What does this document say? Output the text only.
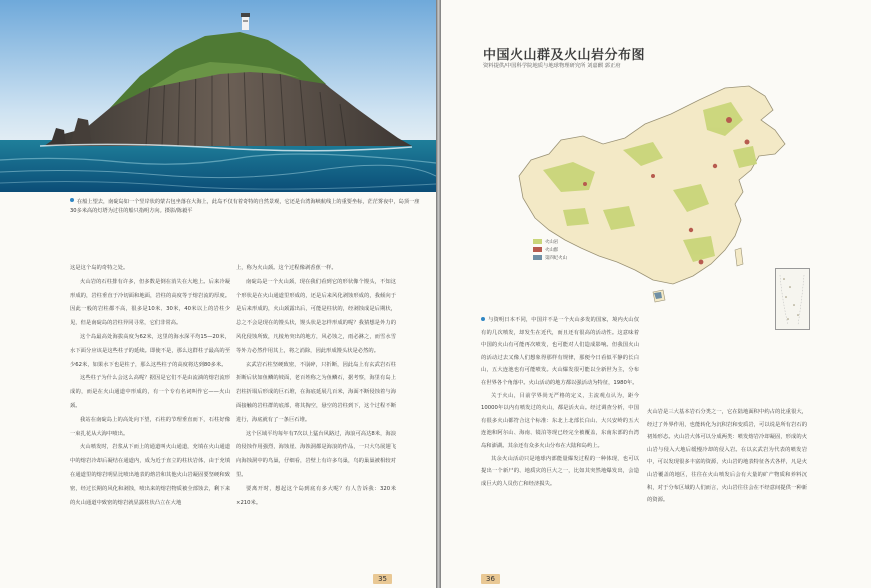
在船上望去，南碇岛如一个竖岸状的蒙古包坐落在大海上，此岛不仅有着奇特的自然景观，它还是台湾海峡航线上的重要坐标，茫茫雾夜中，岛顶一座30多米高的灯塔为过往的船只指明方向。摄影/陈毅平

这是这个岛的奇特之处。

火山岩的石柱排有许多，但多数是倒在消失在大地上。后来冷凝形成的，岩柱垂直于冷切面和地面，岩柱的高度等于熔岩流的厚度。因此一般的岩柱都不高，很多是10米、30米，40米以上的岩柱少见，但是南碇岛的岩柱异同寻常，它们非常高。

这个岛最高处海拔高度为62米，这里的海水深平均15—20米，水下面分应该是这些柱子的延续。即使不是，那么这群柱子最高的至少62米，如果水下也是柱子，那么这些柱子的高度将达到80多米。

这些柱子为什么会这么高呢？据因是它们不是由流淌的熔岩流形成的，而是在火山通道中形成的，有一个专有名词叫作它——火山颈。

我站在南碇岛上的高处向下望，石柱的节理垂直而下，石柱好像一束扎花从大海中喷出。

火山喷发时，岩浆从下而上的通道叫火山通道，充填在火山通道中的熔岩冷却后凝结在通道内，成为近于直立的柱状岩体，由于充填在通道里的熔岩明显比喷出地表的熔岩和其他火山岩凝固要坚硬和致密，经过长期的风化和剥蚀，喷出来的熔岩物质被全部蚀去，剩下来的火山通道中致密的熔岩就显露柱状凸立在大地

上，称为火山颈。这个过程像剥香蕉一样。

南碇岛是一个火山颈，现在我们看到它的形状像个馒头，不知这个形状是在火山通道里形成的，还是后来风化剥蚀形成的，我倾向于是后来形成的，火山颈露出后，可能是柱状的，经剥蚀成是后期状，总之不会是现在的馒头状，馒头状是怎样形成的呢？我猜想是外力的风化侵蚀所致，凡棱角突出的地方，风必蚀之，雨必淋之，而雪水雪等外力必然作用其上，将之消除，因此形成馒头状是必然的。

玄武岩石柱坚硬致密，不崩碎，只折断，因此岛上有玄武岩石柱折断后状如鱼鳞的坡面，老百姓称之为鱼鳞石，据考察，海里有岛上岩柱折塌后形成的巨石堆，在海底延展几百米，海面不断侵蚀着与海面接触的岩柱群的底部，将其掏空，悬空的岩柱到下，这个过程不断进行，海底就有了一条巨石堆。

这个区域平均每年有7次以上猛台风路过，海浪可高达8米，海浪的侵蚀作用强烈，海蚀崖、海蚀洞都是海浪的作品，一只大鸟展翅飞向海蚀洞中的鸟巢，仔细看，岩壁上有许多鸟巢，鸟的巢巢被相较对里。

要离开时，想起这个岛到底有多大呢？有人告诉我：320米×210米。

35
中国火山群及火山岩分布图
资料提供/中国科学院地质与地球物理研究所 刘嘉麒 郭正府
火山岩
火山群
第四纪火山

与资明日本不同，中国并不是一个火山多发的国家，境内火山仅有的几次喷发，却发生在近代，而且还有很高的活动性。这意味着中国的火山有可能再次喷发，也可能对人们造成影响。但我国火山的活动过去又像人们想象得那样有规律，那便今日看似平静的长白山，五大连池也有可能喷发。火山爆发很可能以全新世为主，分布在世界各个角落中。火山活动的地方都以强活动为特征，1980年。

关于火山，目前学界尚无严格的定义，主流观点认为，距今10000年以内有喷发过的火山，都是活火山。经过调查分析，中国有很多火山都符合这个标准：东北上北部长白山、大兴安岭的五大连池和阿尔山、海南、镜泊等现已经完全被覆盖，东南东部的台湾岛和澎湖。其余还有众多火山分布在大陆和岛屿上。

其余火山活动只是地球内部能量爆发过程的一种体现，也可以提出一个新尸的、地质灾的巨大之一，比如其突然地爆发出，会造成巨大的人员伤亡和经济损失。

火山岩是三大基本岩石分类之一，它在陆地面积中约占的比重很大，经过了外界作用，也能转化为沉积岩和变质岩，可以说是所有岩石的初始形态。火山岩大体可以分成两类：喷发熔岩冷却凝固，形成的火山岩与侵入大地后缓慢冷却的侵入岩。在以玄武岩为代表的喷发岩中，可以发现很多丰富的资源，火山岩的地表特征各式各样，凡是火山岩覆盖的地区，往往在火山喷发后会有大量的矿产物质和养料沉积，对于分布区域的人们而言，火山岩往往会在不经意间提供一种新的资源。

36
